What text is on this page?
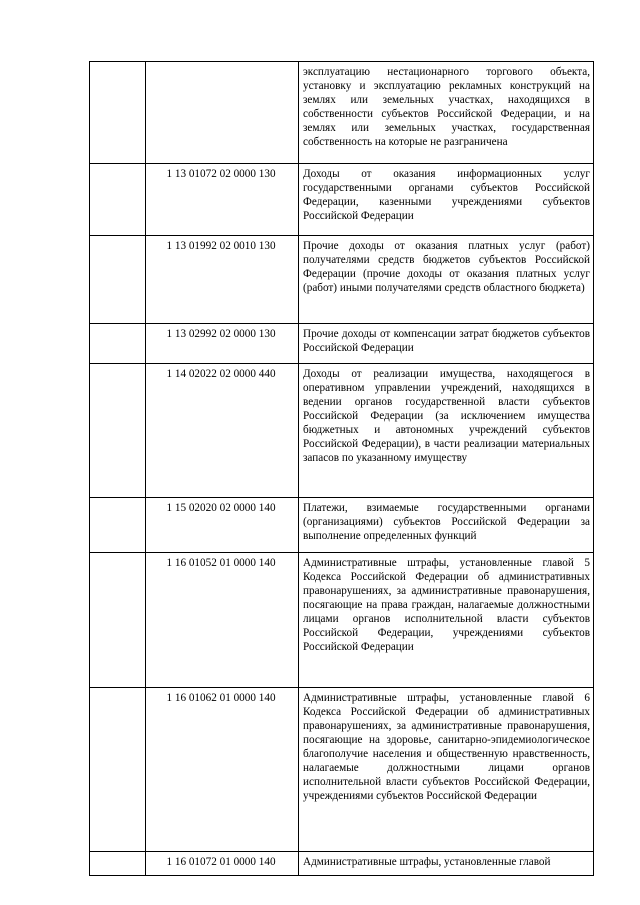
		эксплуатацию нестационарного торгового объекта, установку и эксплуатацию рекламных конструкций на землях или земельных участках, находящихся в собственности субъектов Российской Федерации, и на землях или земельных участках, государственная собственность на которые не разграничена

	1 13 01072 02 0000 130	Доходы от оказания информационных услуг государственными органами субъектов Российской Федерации, казенными учреждениями субъектов Российской Федерации

	1 13 01992 02 0010 130	Прочие доходы от оказания платных услуг (работ) получателями средств бюджетов субъектов Российской Федерации (прочие доходы от оказания платных услуг (работ) иными получателями средств областного бюджета)

	1 13 02992 02 0000 130	Прочие доходы от компенсации затрат бюджетов субъектов Российской Федерации

	1 14 02022 02 0000 440	Доходы от реализации имущества, находящегося в оперативном управлении учреждений, находящихся в ведении органов государственной власти субъектов Российской Федерации (за исключением имущества бюджетных и автономных учреждений субъектов Российской Федерации), в части реализации материальных запасов по указанному имуществу

	1 15 02020 02 0000 140	Платежи, взимаемые государственными органами (организациями) субъектов Российской Федерации за выполнение определенных функций

	1 16 01052 01 0000 140	Административные штрафы, установленные главой 5 Кодекса Российской Федерации об административных правонарушениях, за административные правонарушения, посягающие на права граждан, налагаемые должностными лицами органов исполнительной власти субъектов Российской Федерации, учреждениями субъектов Российской Федерации

	1 16 01062 01 0000 140	Административные штрафы, установленные главой 6 Кодекса Российской Федерации об административных правонарушениях, за административные правонарушения, посягающие на здоровье, санитарно-эпидемиологическое благополучие населения и общественную нравственность, налагаемые должностными лицами органов исполнительной власти субъектов Российской Федерации, учреждениями субъектов Российской Федерации

	1 16 01072 01 0000 140	Административные штрафы, установленные главой
